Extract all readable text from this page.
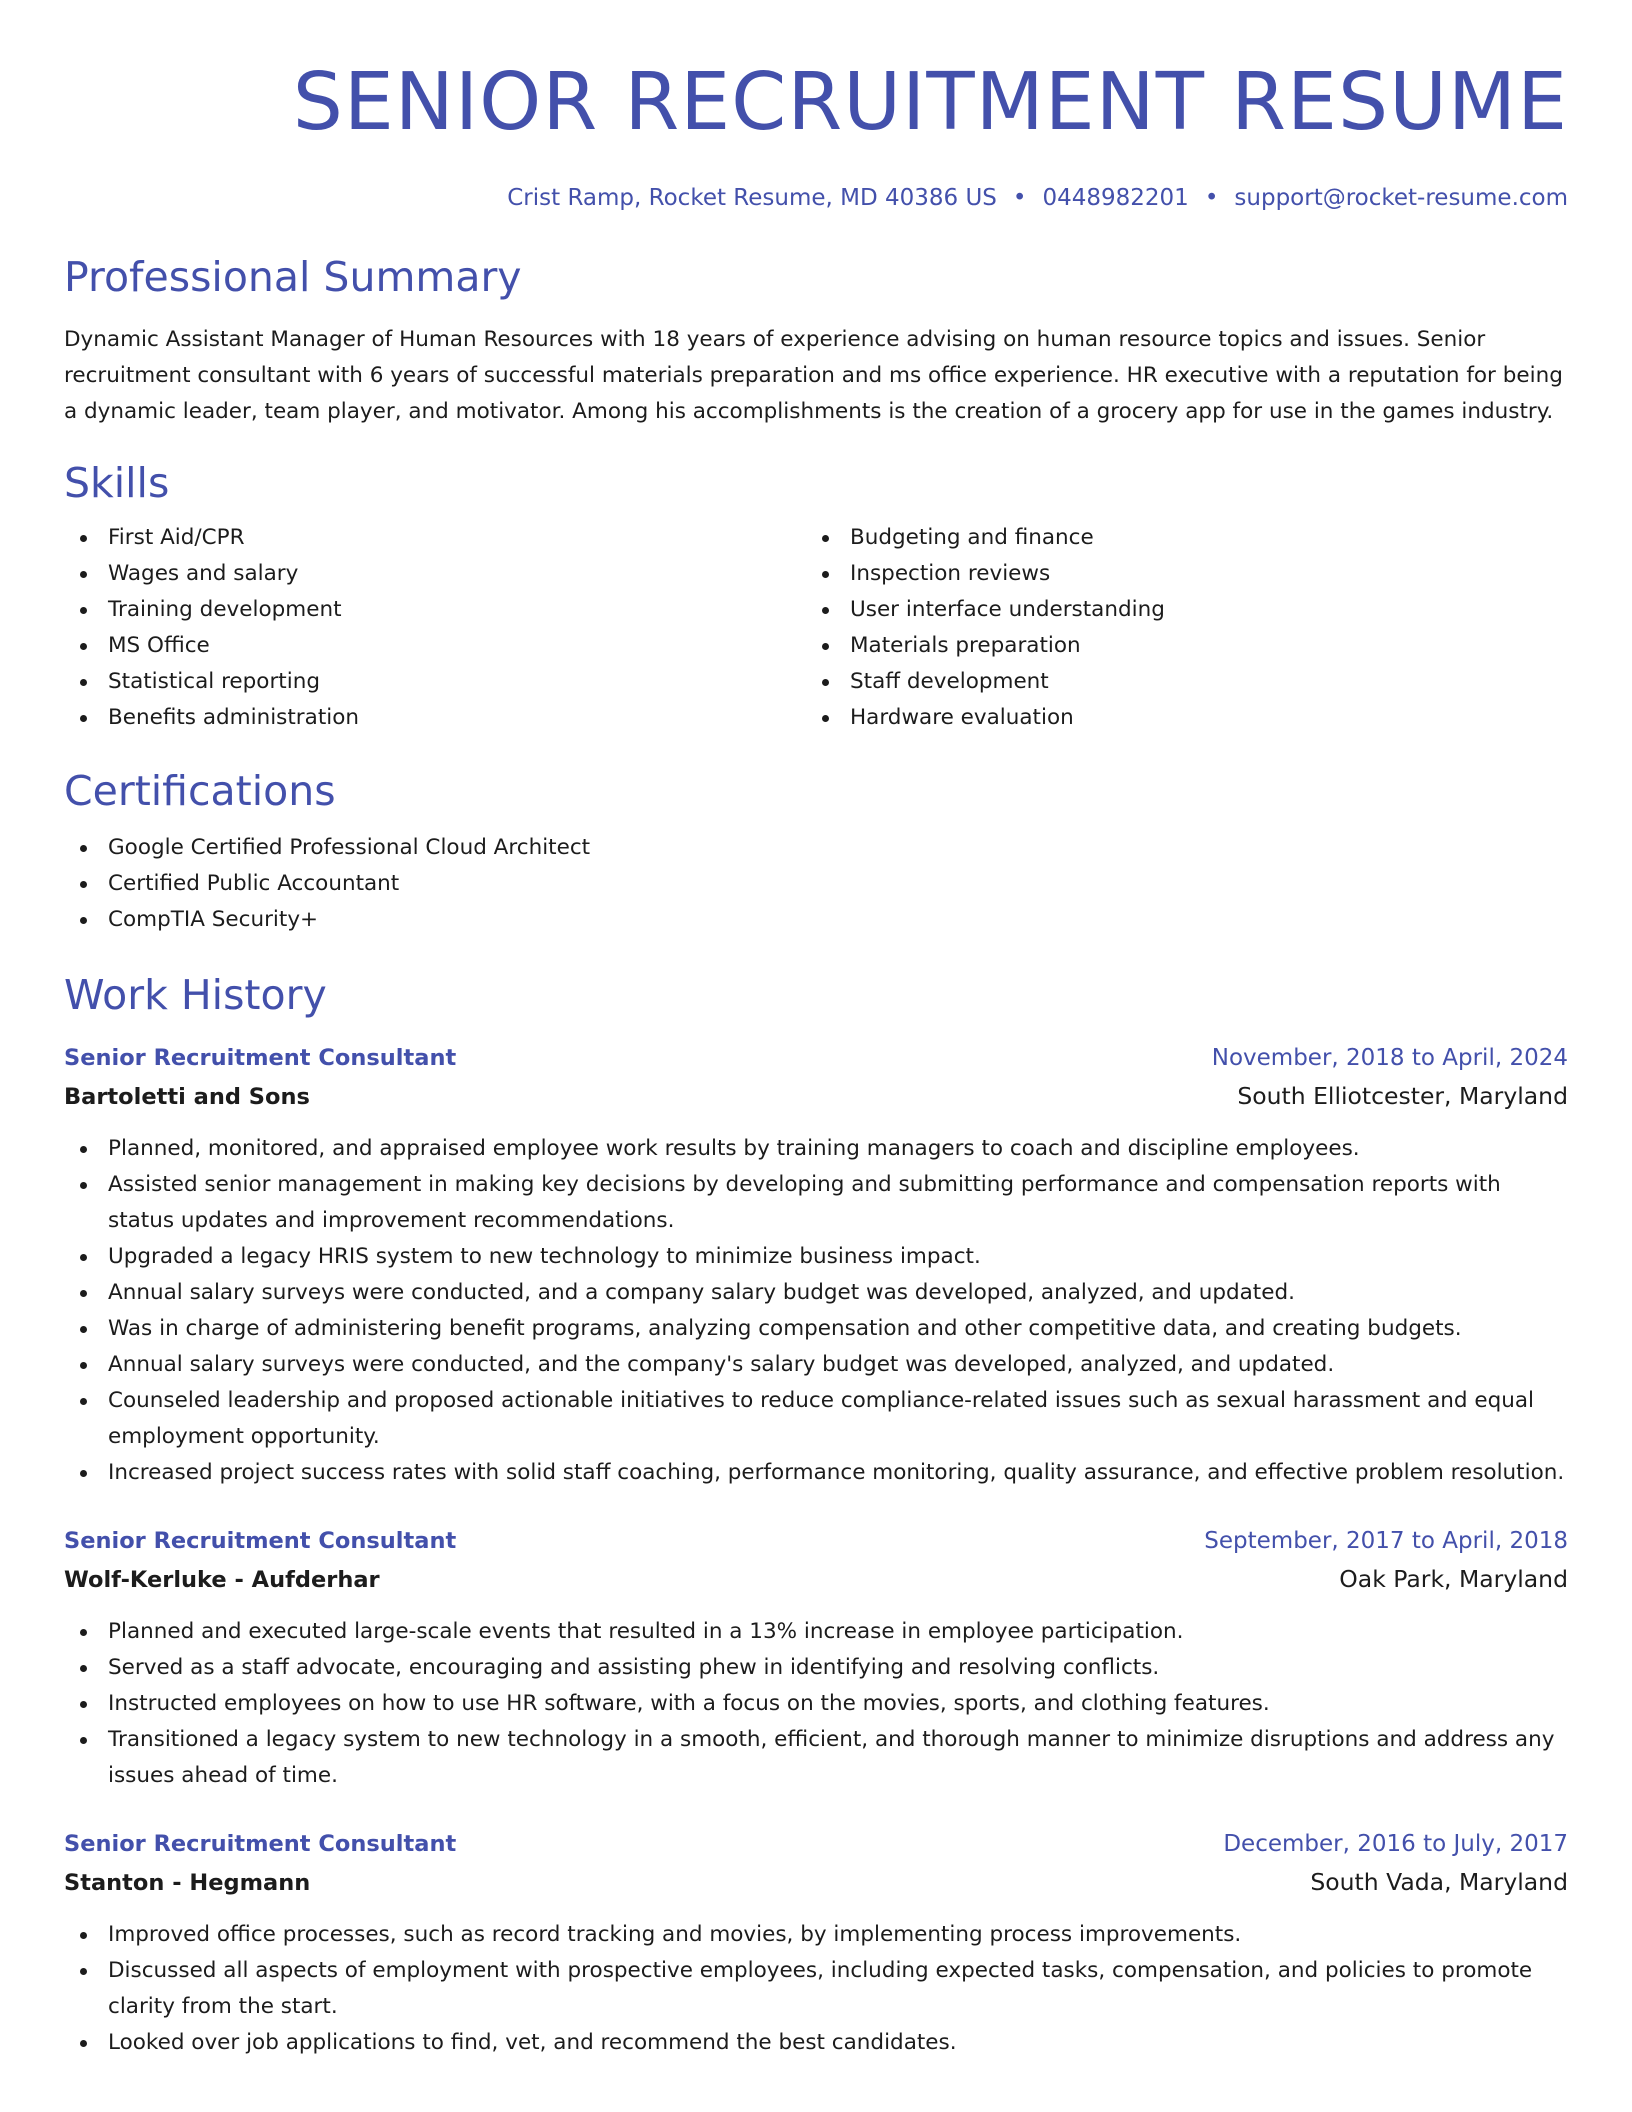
SENIOR RECRUITMENT RESUME
Crist Ramp, Rocket Resume, MD 40386 US • 0448982201 • support@rocket-resume.com
Professional Summary

Dynamic Assistant Manager of Human Resources with 18 years of experience advising on human resource topics and issues. Senior recruitment consultant with 6 years of successful materials preparation and ms office experience. HR executive with a reputation for being a dynamic leader, team player, and motivator. Among his accomplishments is the creation of a grocery app for use in the games industry.

Skills
First Aid/CPR
Wages and salary
Training development
MS Office
Statistical reporting
Benefits administration
Budgeting and finance
Inspection reviews
User interface understanding
Materials preparation
Staff development
Hardware evaluation
Certifications
Google Certified Professional Cloud Architect
Certified Public Accountant
CompTIA Security+
Work History
Senior Recruitment Consultant	November, 2018 to April, 2024
Bartoletti and Sons	South Elliotcester, Maryland
Planned, monitored, and appraised employee work results by training managers to coach and discipline employees.
Assisted senior management in making key decisions by developing and submitting performance and compensation reports with status updates and improvement recommendations.
Upgraded a legacy HRIS system to new technology to minimize business impact.
Annual salary surveys were conducted, and a company salary budget was developed, analyzed, and updated.
Was in charge of administering benefit programs, analyzing compensation and other competitive data, and creating budgets.
Annual salary surveys were conducted, and the company's salary budget was developed, analyzed, and updated.
Counseled leadership and proposed actionable initiatives to reduce compliance-related issues such as sexual harassment and equal employment opportunity.
Increased project success rates with solid staff coaching, performance monitoring, quality assurance, and effective problem resolution.
Senior Recruitment Consultant	September, 2017 to April, 2018
Wolf-Kerluke - Aufderhar	Oak Park, Maryland
Planned and executed large-scale events that resulted in a 13% increase in employee participation.
Served as a staff advocate, encouraging and assisting phew in identifying and resolving conflicts.
Instructed employees on how to use HR software, with a focus on the movies, sports, and clothing features.
Transitioned a legacy system to new technology in a smooth, efficient, and thorough manner to minimize disruptions and address any issues ahead of time.
Senior Recruitment Consultant	December, 2016 to July, 2017
Stanton - Hegmann	South Vada, Maryland
Improved office processes, such as record tracking and movies, by implementing process improvements.
Discussed all aspects of employment with prospective employees, including expected tasks, compensation, and policies to promote clarity from the start.
Looked over job applications to find, vet, and recommend the best candidates.
